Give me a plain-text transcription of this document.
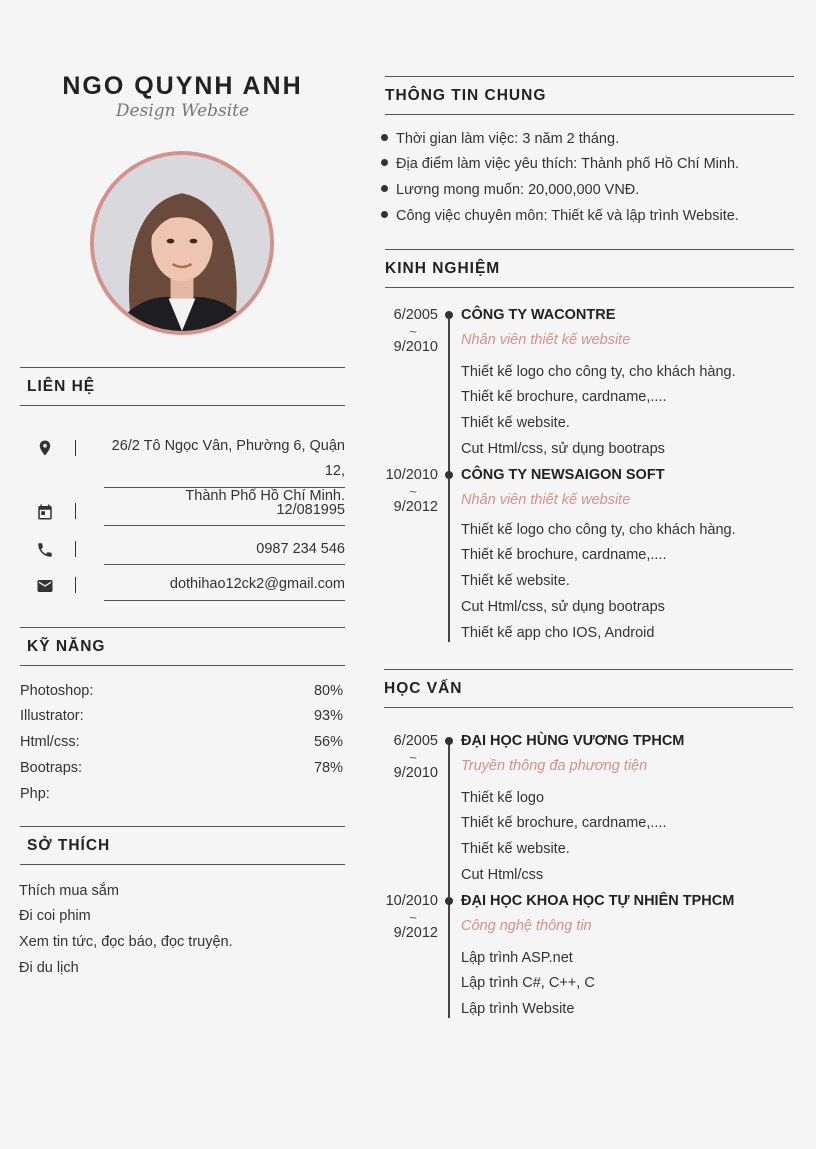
NGO QUYNH ANH
Design Website
LIÊN HỆ
26/2 Tô Ngọc Vân, Phường 6, Quận 12,
Thành Phố Hồ Chí Minh.
12/081995
0987 234 546
dothihao12ck2@gmail.com
KỸ NĂNG
Photoshop:	80%
Illustrator:	93%
Html/css:	56%
Bootraps:	78%
Php:
SỞ THÍCH
Thích mua sắm
Đi coi phim
Xem tin tức, đọc báo, đọc truyện.
Đi du lịch
THÔNG TIN CHUNG
Thời gian làm việc: 3 năm 2 tháng.
Địa điểm làm việc yêu thích: Thành phố Hồ Chí Minh.
Lương mong muốn: 20,000,000 VNĐ.
Công việc chuyên môn: Thiết kế và lập trình Website.
KINH NGHIỆM
6/2005
~
9/2010
CÔNG TY WACONTRE
Nhân viên thiết kế website
Thiết kế logo cho công ty, cho khách hàng.
Thiết kế brochure, cardname,....
Thiết kế website.
Cut Html/css, sử dụng bootraps
10/2010
~
9/2012
CÔNG TY NEWSAIGON SOFT
Nhân viên thiết kế website
Thiết kế logo cho công ty, cho khách hàng.
Thiết kế brochure, cardname,....
Thiết kế website.
Cut Html/css, sử dụng bootraps
Thiết kế app cho IOS, Android
HỌC VẤN
6/2005
~
9/2010
ĐẠI HỌC HÙNG VƯƠNG TPHCM
Truyền thông đa phương tiện
Thiết kế logo
Thiết kế brochure, cardname,....
Thiết kế website.
Cut Html/css
10/2010
~
9/2012
ĐẠI HỌC KHOA HỌC TỰ NHIÊN TPHCM
Công nghệ thông tin
Lập trình ASP.net
Lập trình C#, C++, C
Lập trình Website
